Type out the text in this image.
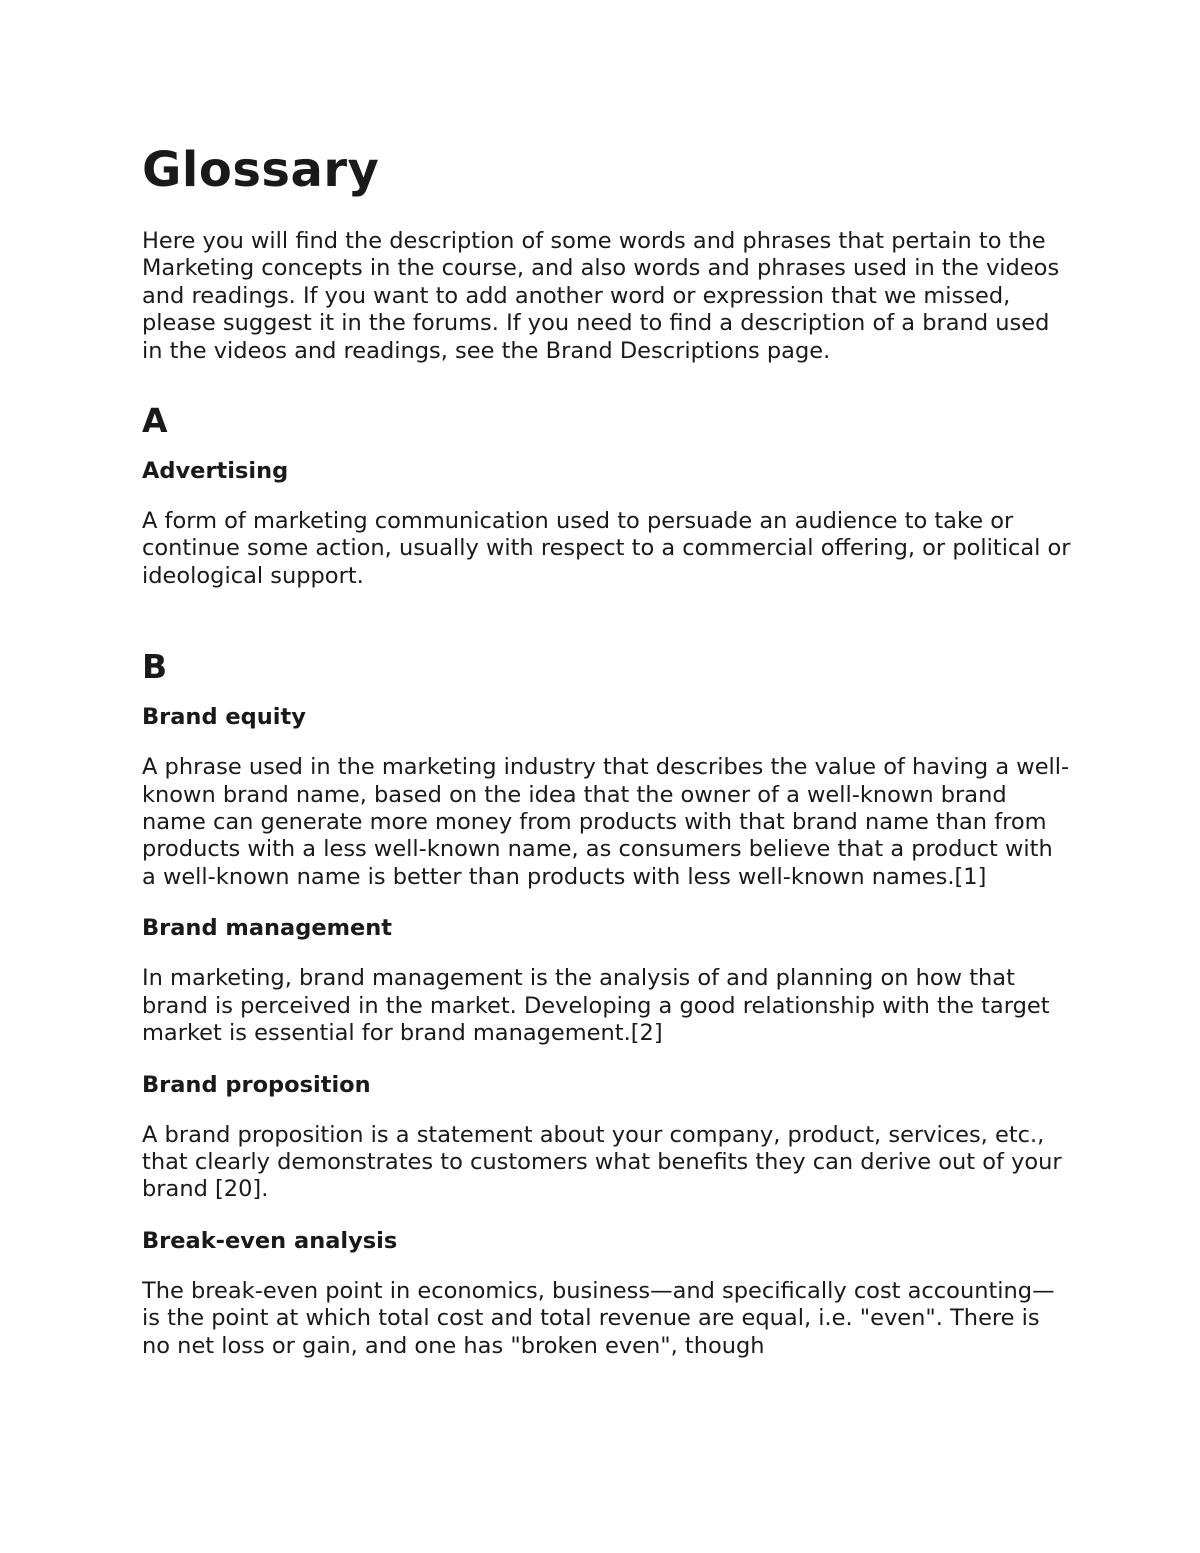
Glossary

Here you will find the description of some words and phrases that pertain to the Marketing concepts in the course, and also words and phrases used in the videos and readings. If you want to add another word or expression that we missed, please suggest it in the forums. If you need to find a description of a brand used in the videos and readings, see the Brand Descriptions page.

A
Advertising

A form of marketing communication used to persuade an audience to take or continue some action, usually with respect to a commercial offering, or political or ideological support.

B
Brand equity

A phrase used in the marketing industry that describes the value of having a well-known brand name, based on the idea that the owner of a well-known brand name can generate more money from products with that brand name than from products with a less well-known name, as consumers believe that a product with a well-known name is better than products with less well-known names.[1]

Brand management

In marketing, brand management is the analysis of and planning on how that brand is perceived in the market. Developing a good relationship with the target market is essential for brand management.[2]

Brand proposition

A brand proposition is a statement about your company, product, services, etc., that clearly demonstrates to customers what benefits they can derive out of your brand [20].

Break-even analysis

The break-even point in economics, business—and specifically cost accounting—is the point at which total cost and total revenue are equal, i.e. "even". There is no net loss or gain, and one has "broken even", though
